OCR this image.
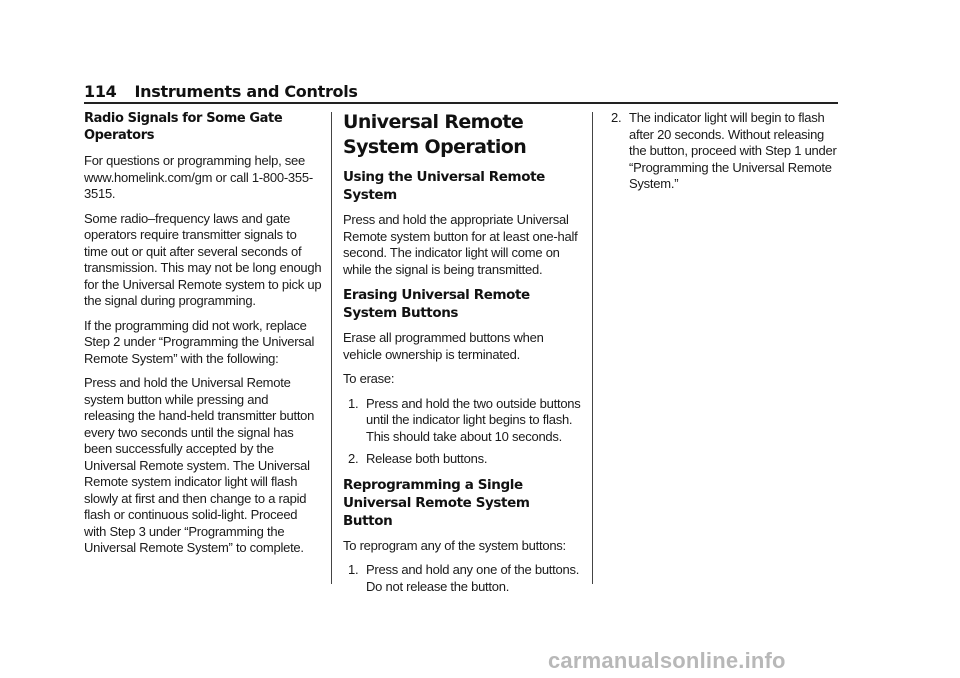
114 Instruments and Controls
Radio Signals for Some Gate Operators

For questions or programming help, see www.homelink.com/gm or call 1-800-355-3515.

Some radio–frequency laws and gate operators require transmitter signals to time out or quit after several seconds of transmission. This may not be long enough for the Universal Remote system to pick up the signal during programming.

If the programming did not work, replace Step 2 under “Programming the Universal Remote System” with the following:

Press and hold the Universal Remote system button while pressing and releasing the hand-held transmitter button every two seconds until the signal has been successfully accepted by the Universal Remote system. The Universal Remote system indicator light will flash slowly at first and then change to a rapid flash or continuous solid-light. Proceed with Step 3 under “Programming the Universal Remote System” to complete.

Universal Remote System Operation
Using the Universal Remote System

Press and hold the appropriate Universal Remote system button for at least one-half second. The indicator light will come on while the signal is being transmitted.

Erasing Universal Remote System Buttons

Erase all programmed buttons when vehicle ownership is terminated.

To erase:

1. Press and hold the two outside buttons until the indicator light begins to flash. This should take about 10 seconds.
2. Release both buttons.
Reprogramming a Single Universal Remote System Button

To reprogram any of the system buttons:

1. Press and hold any one of the buttons. Do not release the button.
2. The indicator light will begin to flash after 20 seconds. Without releasing the button, proceed with Step 1 under “Programming the Universal Remote System.”
carmanualsonline.info
